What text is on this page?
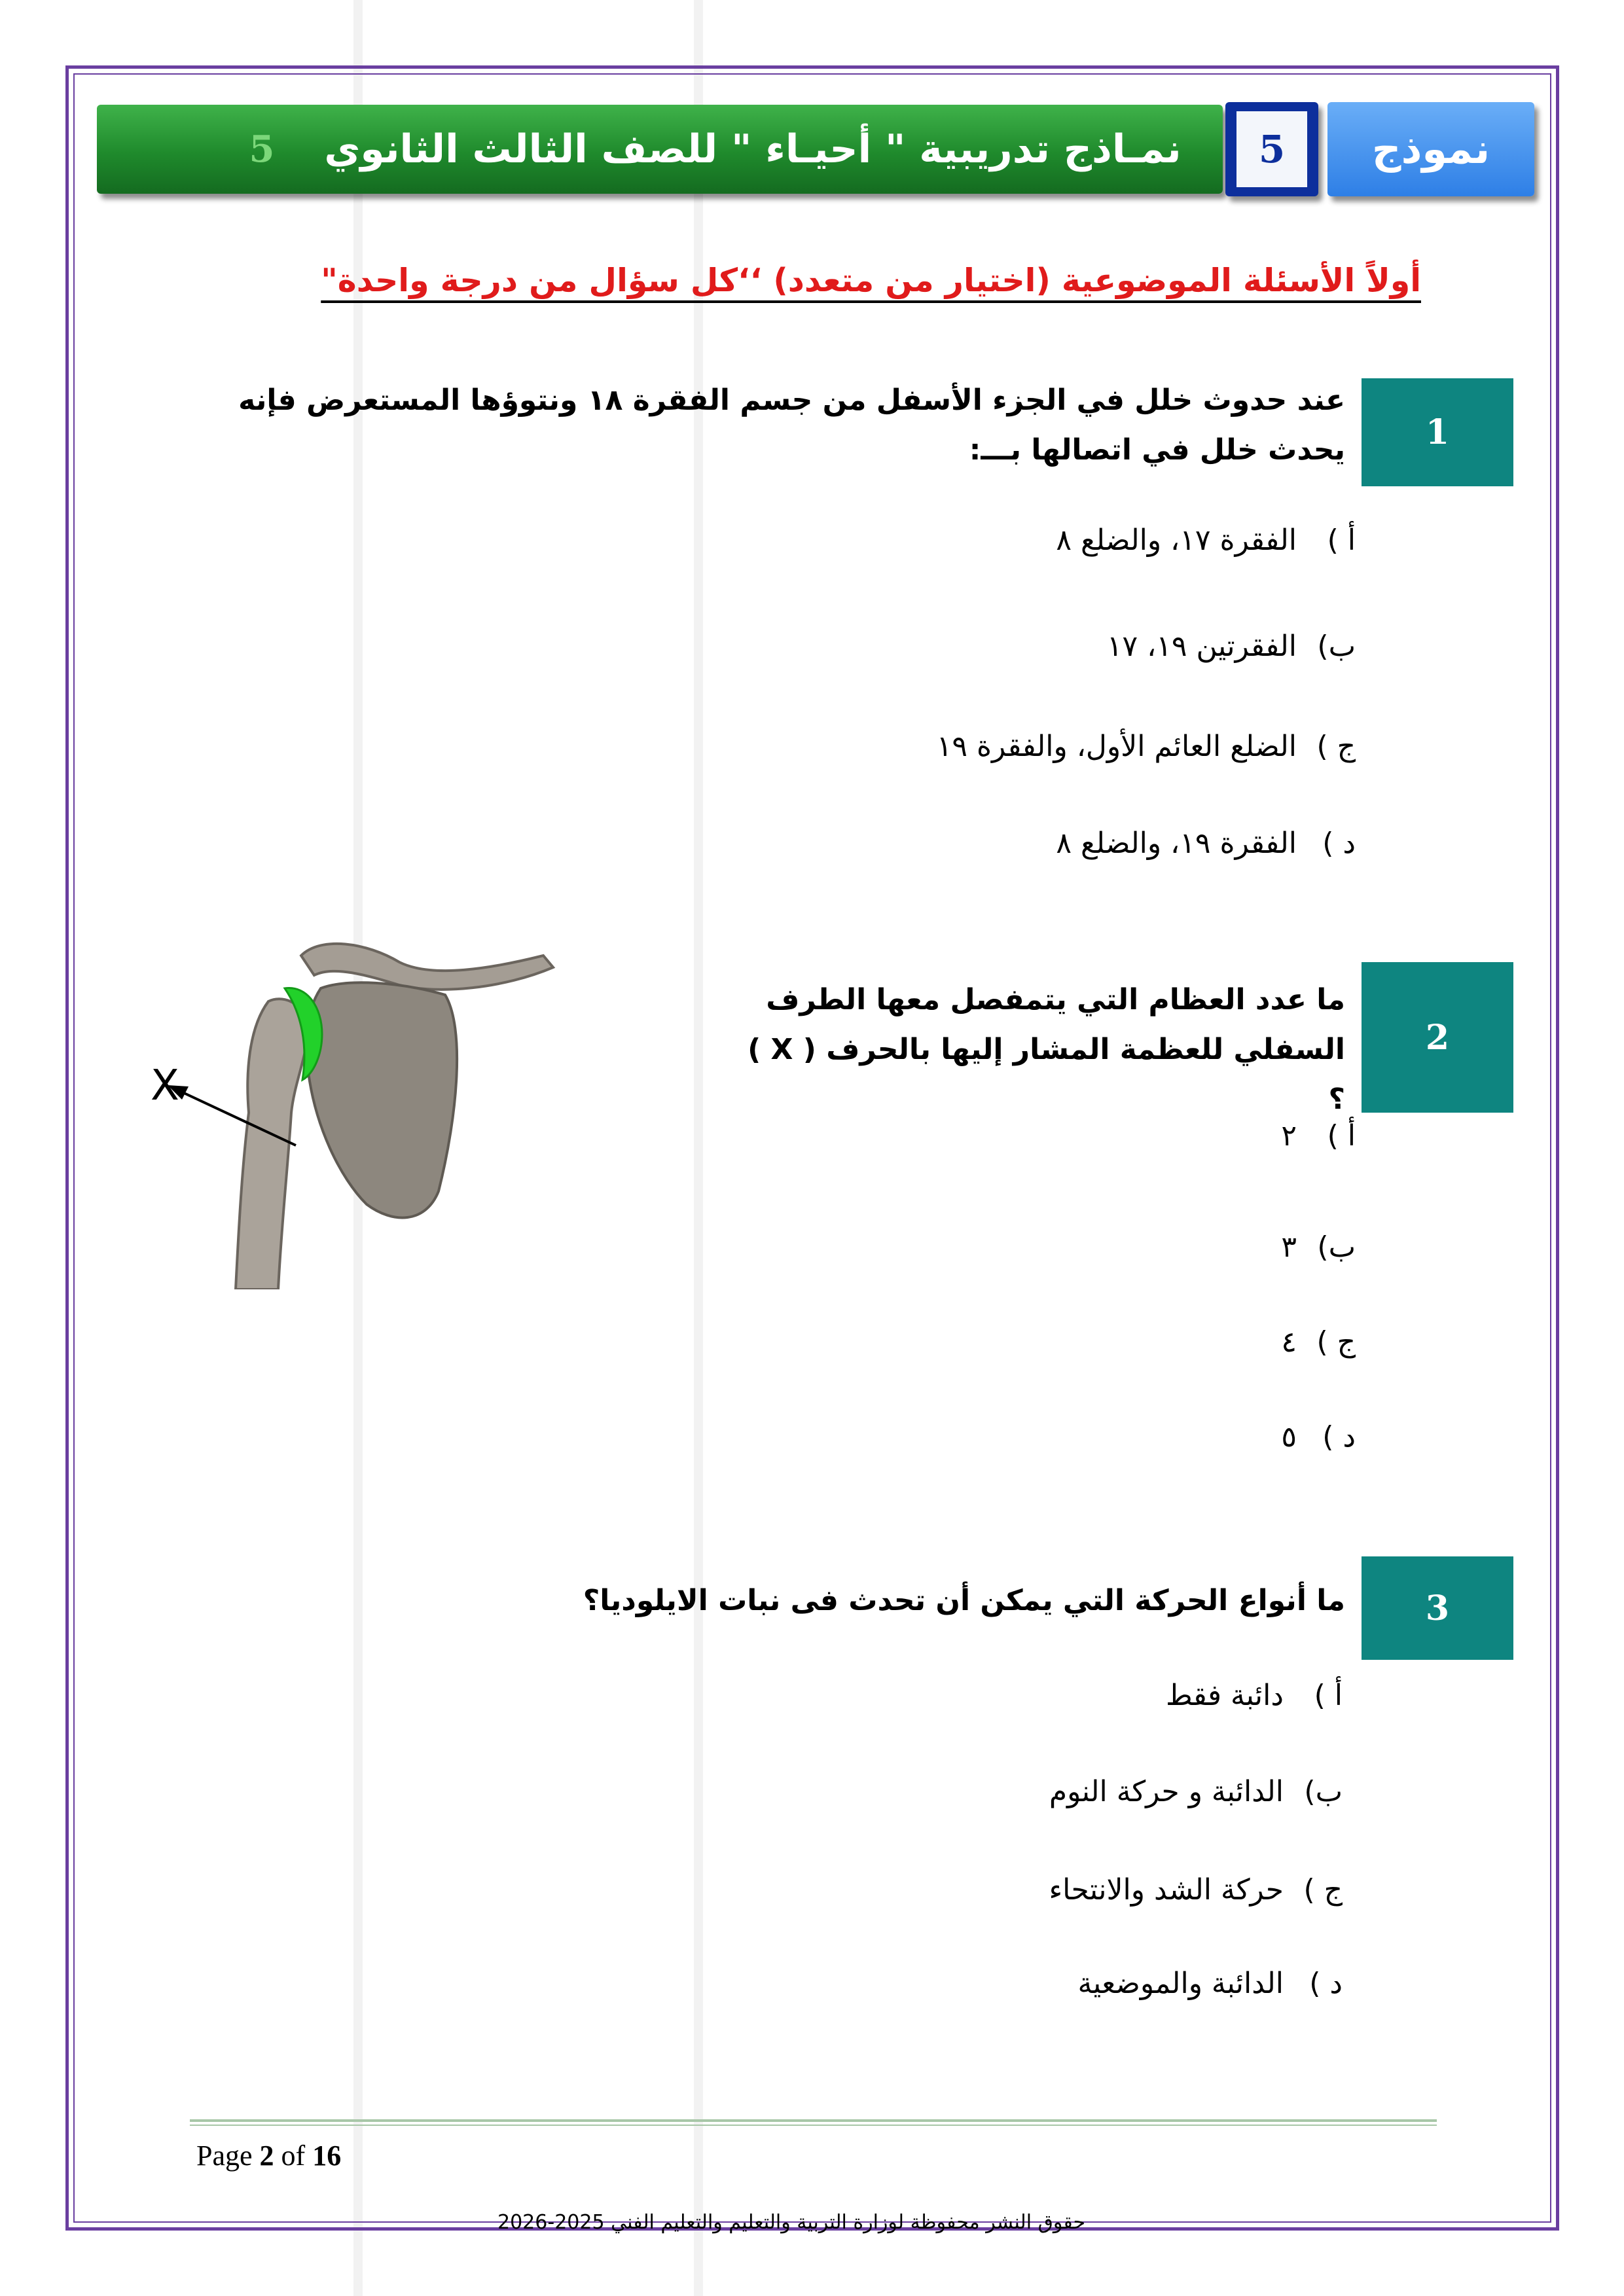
نمـاذج تدريبية " أحيـاء " للصف الثالث الثانوي
5	5	نموذج
أولاً الأسئلة الموضوعية (اختيار من متعدد) ‘‘كل سؤال من درجة واحدة"
1
عند حدوث خلل في الجزء الأسفل من جسم الفقرة ١٨ ونتوؤها المستعرض فإنه يحدث خلل في اتصالها بـــ:
أ )الفقرة ١٧، والضلع ٨
ب)الفقرتين ١٩، ١٧
ج )الضلع العائم الأول، والفقرة ١٩
د )الفقرة ١٩، والضلع ٨
2
ما عدد العظام التي يتمفصل معها الطرف السفلي للعظمة المشار إليها بالحرف ( X ) ؟
أ )٢
ب)٣
ج )٤
د )٥
X
3
ما أنواع الحركة التي يمكن أن تحدث فى نبات الايلوديا؟
أ )دائبة فقط
ب)الدائبة و حركة النوم
ج )حركة الشد والانتحاء
د )الدائبة والموضعية
Page 2 of 16
حقوق النشر محفوظة لوزارة التربية والتعليم والتعليم الفني 2025-2026
